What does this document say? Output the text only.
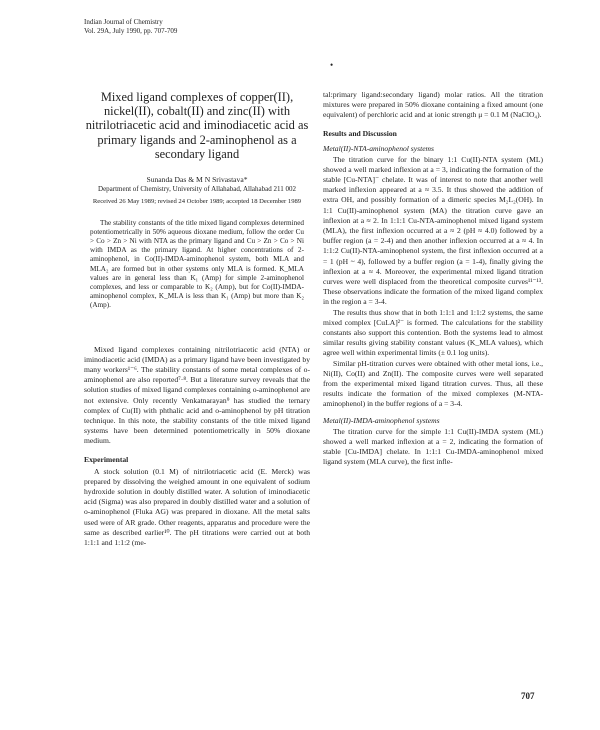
Indian Journal of Chemistry
Vol. 29A, July 1990, pp. 707-709
•
Mixed ligand complexes of copper(II), nickel(II), cobalt(II) and zinc(II) with nitrilotriacetic acid and iminodiacetic acid as primary ligands and 2-aminophenol as a secondary ligand
Sunanda Das & M N Srivastava*
Department of Chemistry, University of Allahabad, Allahabad 211 002
Received 26 May 1989; revised 24 October 1989; accepted 18 December 1989

The stability constants of the title mixed ligand complexes determined potentiometrically in 50% aqueous dioxane medium, follow the order Cu > Co > Zn > Ni with NTA as the primary ligand and Cu > Zn > Co > Ni with IMDA as the primary ligand. At higher concentrations of 2-aminophenol, in Co(II)-IMDA-aminophenol system, both MLA and MLA₂ are formed but in other systems only MLA is formed. K_MLA values are in general less than K₁ (Amp) for simple 2-aminophenol complexes, and less or comparable to K₂ (Amp), but for Co(II)-IMDA-aminophenol complex, K_MLA is less than K₁ (Amp) but more than K₂ (Amp).

Mixed ligand complexes containing nitrilotriacetic acid (NTA) or iminodiacetic acid (IMDA) as a primary ligand have been investigated by many workers¹⁻⁶. The stability constants of some metal complexes of o-aminophenol are also reported⁷·⁸. But a literature survey reveals that the solution studies of mixed ligand complexes containing o-aminophenol are not extensive. Only recently Venkatnarayan⁹ has studied the ternary complex of Cu(II) with phthalic acid and o-aminophenol by pH titration technique. In this note, the stability constants of the title mixed ligand systems have been determined potentiometrically in 50% dioxane medium.

Experimental

A stock solution (0.1 M) of nitrilotriacetic acid (E. Merck) was prepared by dissolving the weighed amount in one equivalent of sodium hydroxide solution in doubly distilled water. A solution of iminodiacetic acid (Sigma) was also prepared in doubly distilled water and a solution of o-aminophenol (Fluka AG) was prepared in dioxane. All the metal salts used were of AR grade. Other reagents, apparatus and procedure were the same as described earlier¹⁰. The pH titrations were carried out at both 1:1:1 and 1:1:2 (me-

tal:primary ligand:secondary ligand) molar ratios. All the titration mixtures were prepared in 50% dioxane containing a fixed amount (one equivalent) of perchloric acid and at ionic strength μ = 0.1 M (NaClO₄).

Results and Discussion
Metal(II)-NTA-aminophenol systems

The titration curve for the binary 1:1 Cu(II)-NTA system (ML) showed a well marked inflexion at a = 3, indicating the formation of the stable [Cu-NTA]⁻ chelate. It was of interest to note that another well marked inflexion appeared at a ≈ 3.5. It thus showed the addition of extra OH, and possibly formation of a dimeric species M₂L₂(OH). In 1:1 Cu(II)-aminophenol system (MA) the titration curve gave an inflexion at a ≈ 2. In 1:1:1 Cu-NTA-aminophenol mixed ligand system (MLA), the first inflexion occurred at a ≈ 2 (pH ≈ 4.0) followed by a buffer region (a = 2-4) and then another inflexion occurred at a ≈ 4. In 1:1:2 Cu(II)-NTA-aminophenol system, the first inflexion occurred at a = 1 (pH ~ 4), followed by a buffer region (a = 1-4), finally giving the inflexion at a ≈ 4. Moreover, the experimental mixed ligand titration curves were well displaced from the theoretical composite curves¹¹⁻¹³. These observations indicate the formation of the mixed ligand complex in the region a = 3-4.

The results thus show that in both 1:1:1 and 1:1:2 systems, the same mixed complex [CuLA]²⁻ is formed. The calculations for the stability constants also support this contention. Both the systems lead to almost similar results giving stability constant values (K_MLA values), which agree well within experimental limits (± 0.1 log units).

Similar pH-titration curves were obtained with other metal ions, i.e., Ni(II), Co(II) and Zn(II). The composite curves were well separated from the experimental mixed ligand titration curves. Thus, all these results indicate the formation of the mixed complexes (M-NTA-aminophenol) in the buffer regions of a = 3-4.

Metal(II)-IMDA-aminophenol systems

The titration curve for the simple 1:1 Cu(II)-IMDA system (ML) showed a well marked inflexion at a = 2, indicating the formation of stable [Cu-IMDA] chelate. In 1:1:1 Cu-IMDA-aminophenol mixed ligand system (MLA curve), the first infle-

707
